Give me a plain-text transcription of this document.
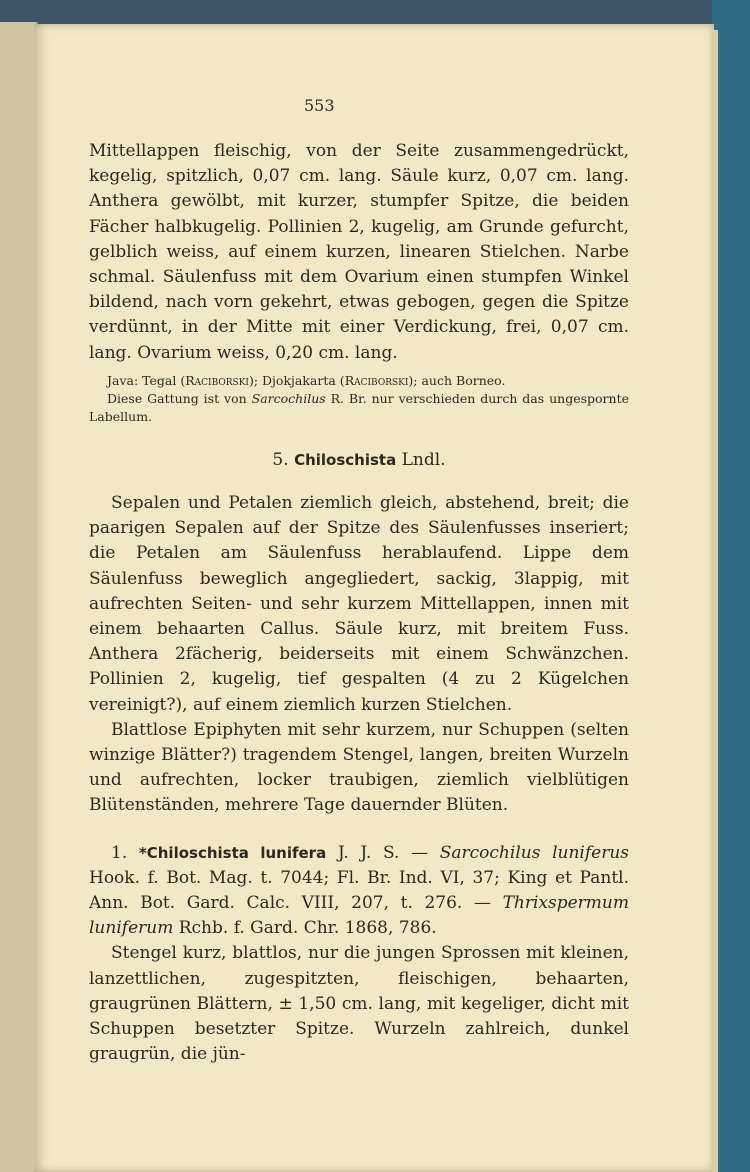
553

Mittellappen fleischig, von der Seite zusammengedrückt, kegelig, spitzlich, 0,07 cm. lang. Säule kurz, 0,07 cm. lang. Anthera gewölbt, mit kurzer, stumpfer Spitze, die beiden Fächer halbkugelig. Pollinien 2, kugelig, am Grunde gefurcht, gelblich weiss, auf einem kurzen, linearen Stielchen. Narbe schmal. Säulenfuss mit dem Ovarium einen stumpfen Winkel bildend, nach vorn gekehrt, etwas gebogen, gegen die Spitze verdünnt, in der Mitte mit einer Verdickung, frei, 0,07 cm. lang. Ovarium weiss, 0,20 cm. lang.

Java: Tegal (Raciborski); Djokjakarta (Raciborski); auch Borneo.

Diese Gattung ist von Sarcochilus R. Br. nur verschieden durch das ungespornte Labellum.

5. Chiloschista Lndl.

Sepalen und Petalen ziemlich gleich, abstehend, breit; die paarigen Sepalen auf der Spitze des Säulenfusses inseriert; die Petalen am Säulenfuss herablaufend. Lippe dem Säulenfuss beweglich angegliedert, sackig, 3lappig, mit aufrechten Seiten- und sehr kurzem Mittellappen, innen mit einem behaarten Callus. Säule kurz, mit breitem Fuss. Anthera 2fächerig, beiderseits mit einem Schwänzchen. Pollinien 2, kugelig, tief gespalten (4 zu 2 Kügelchen vereinigt?), auf einem ziemlich kurzen Stielchen.

Blattlose Epiphyten mit sehr kurzem, nur Schuppen (selten winzige Blätter?) tragendem Stengel, langen, breiten Wurzeln und aufrechten, locker traubigen, ziemlich vielblütigen Blütenständen, mehrere Tage dauernder Blüten.

1. *Chiloschista lunifera J. J. S. — Sarcochilus luniferus Hook. f. Bot. Mag. t. 7044; Fl. Br. Ind. VI, 37; King et Pantl. Ann. Bot. Gard. Calc. VIII, 207, t. 276. — Thrixspermum luniferum Rchb. f. Gard. Chr. 1868, 786.

Stengel kurz, blattlos, nur die jungen Sprossen mit kleinen, lanzettlichen, zugespitzten, fleischigen, behaarten, graugrünen Blättern, ± 1,50 cm. lang, mit kegeliger, dicht mit Schuppen besetzter Spitze. Wurzeln zahlreich, dunkel graugrün, die jün-
